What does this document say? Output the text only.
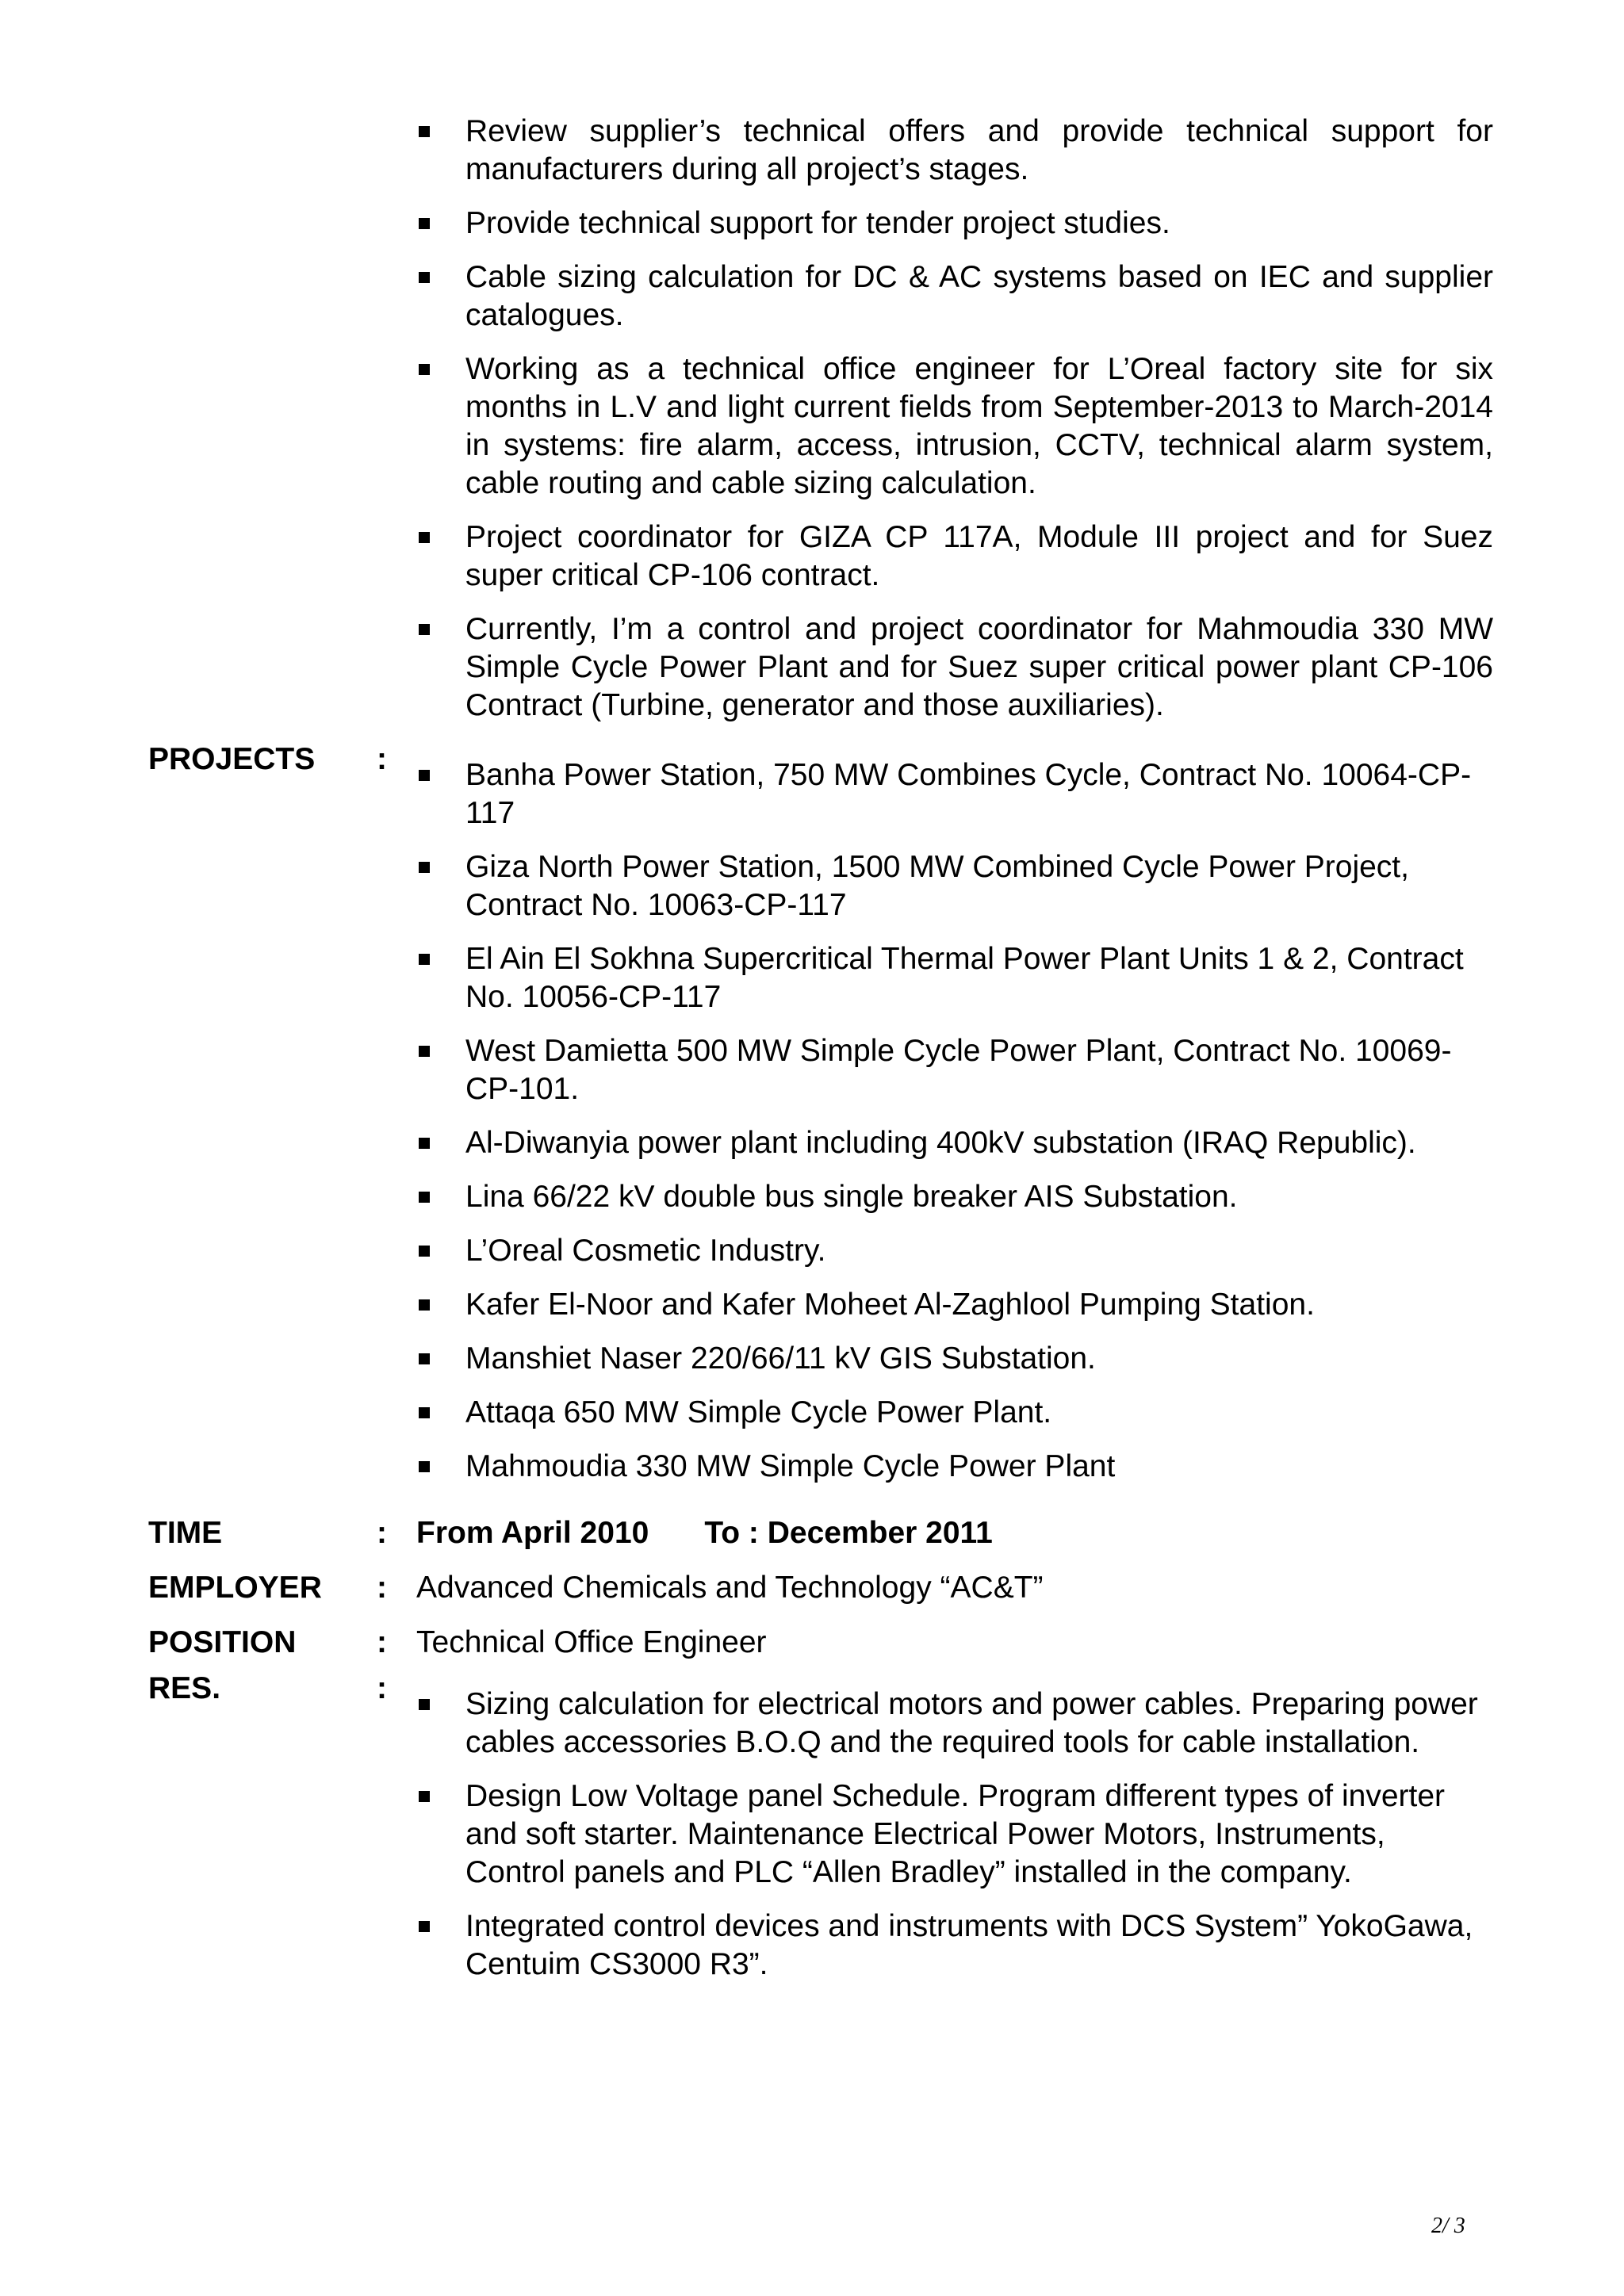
Review supplier’s technical offers and provide technical support for manufacturers during all project’s stages.
Provide technical support for tender project studies.
Cable sizing calculation for DC & AC systems based on IEC and supplier catalogues.
Working as a technical office engineer for L’Oreal factory site for six months in L.V and light current fields from September-2013 to March-2014 in systems: fire alarm, access, intrusion, CCTV, technical alarm system, cable routing and cable sizing calculation.
Project coordinator for GIZA CP 117A, Module III project and for Suez super critical CP-106 contract.
Currently, I’m a control and project coordinator for Mahmoudia 330 MW Simple Cycle Power Plant and for Suez super critical power plant CP-106 Contract (Turbine, generator and those auxiliaries).
PROJECTS :	Banha Power Station, 750 MW Combines Cycle, Contract No. 10064-CP-117
Giza North Power Station, 1500 MW Combined Cycle Power Project, Contract No. 10063-CP-117
El Ain El Sokhna Supercritical Thermal Power Plant Units 1 & 2, Contract No. 10056-CP-117
West Damietta 500 MW Simple Cycle Power Plant, Contract No. 10069-CP-101.
Al-Diwanyia power plant including 400kV substation (IRAQ Republic).
Lina 66/22 kV double bus single breaker AIS Substation.
L’Oreal Cosmetic Industry.
Kafer El-Noor and Kafer Moheet Al-Zaghlool Pumping Station.
Manshiet Naser 220/66/11 kV GIS Substation.
Attaqa 650 MW Simple Cycle Power Plant.
Mahmoudia 330 MW Simple Cycle Power Plant
TIME	: From April 2010 To : December 2011
EMPLOYER : Advanced Chemicals and Technology “AC&T”
POSITION	: Technical Office Engineer
RES.	:	Sizing calculation for electrical motors and power cables. Preparing power cables accessories B.O.Q and the required tools for cable installation.
Design Low Voltage panel Schedule. Program different types of inverter and soft starter. Maintenance Electrical Power Motors, Instruments, Control panels and PLC “Allen Bradley” installed in the company.
Integrated control devices and instruments with DCS System” YokoGawa, Centuim CS3000 R3”.
2/ 3
